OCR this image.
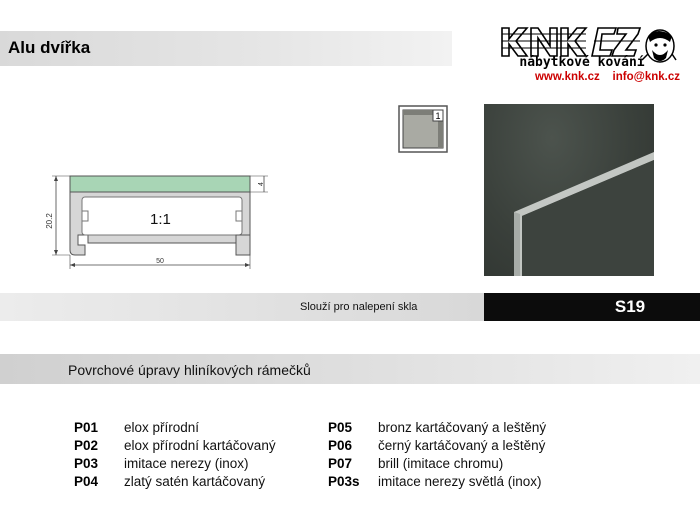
Alu dvířka
nábytkové kování
www.knk.cz info@knk.cz
1:1
20.2
4
50
1
Slouží pro nalepení skla	S19
Povrchové úpravy hliníkových rámečků
P01	elox přírodní
P02	elox přírodní kartáčovaný
P03	imitace nerezy (inox)
P04	zlatý satén kartáčovaný
P05	bronz kartáčovaný a leštěný
P06	černý kartáčovaný a leštěný
P07	brill (imitace chromu)
P03s	imitace nerezy světlá (inox)
